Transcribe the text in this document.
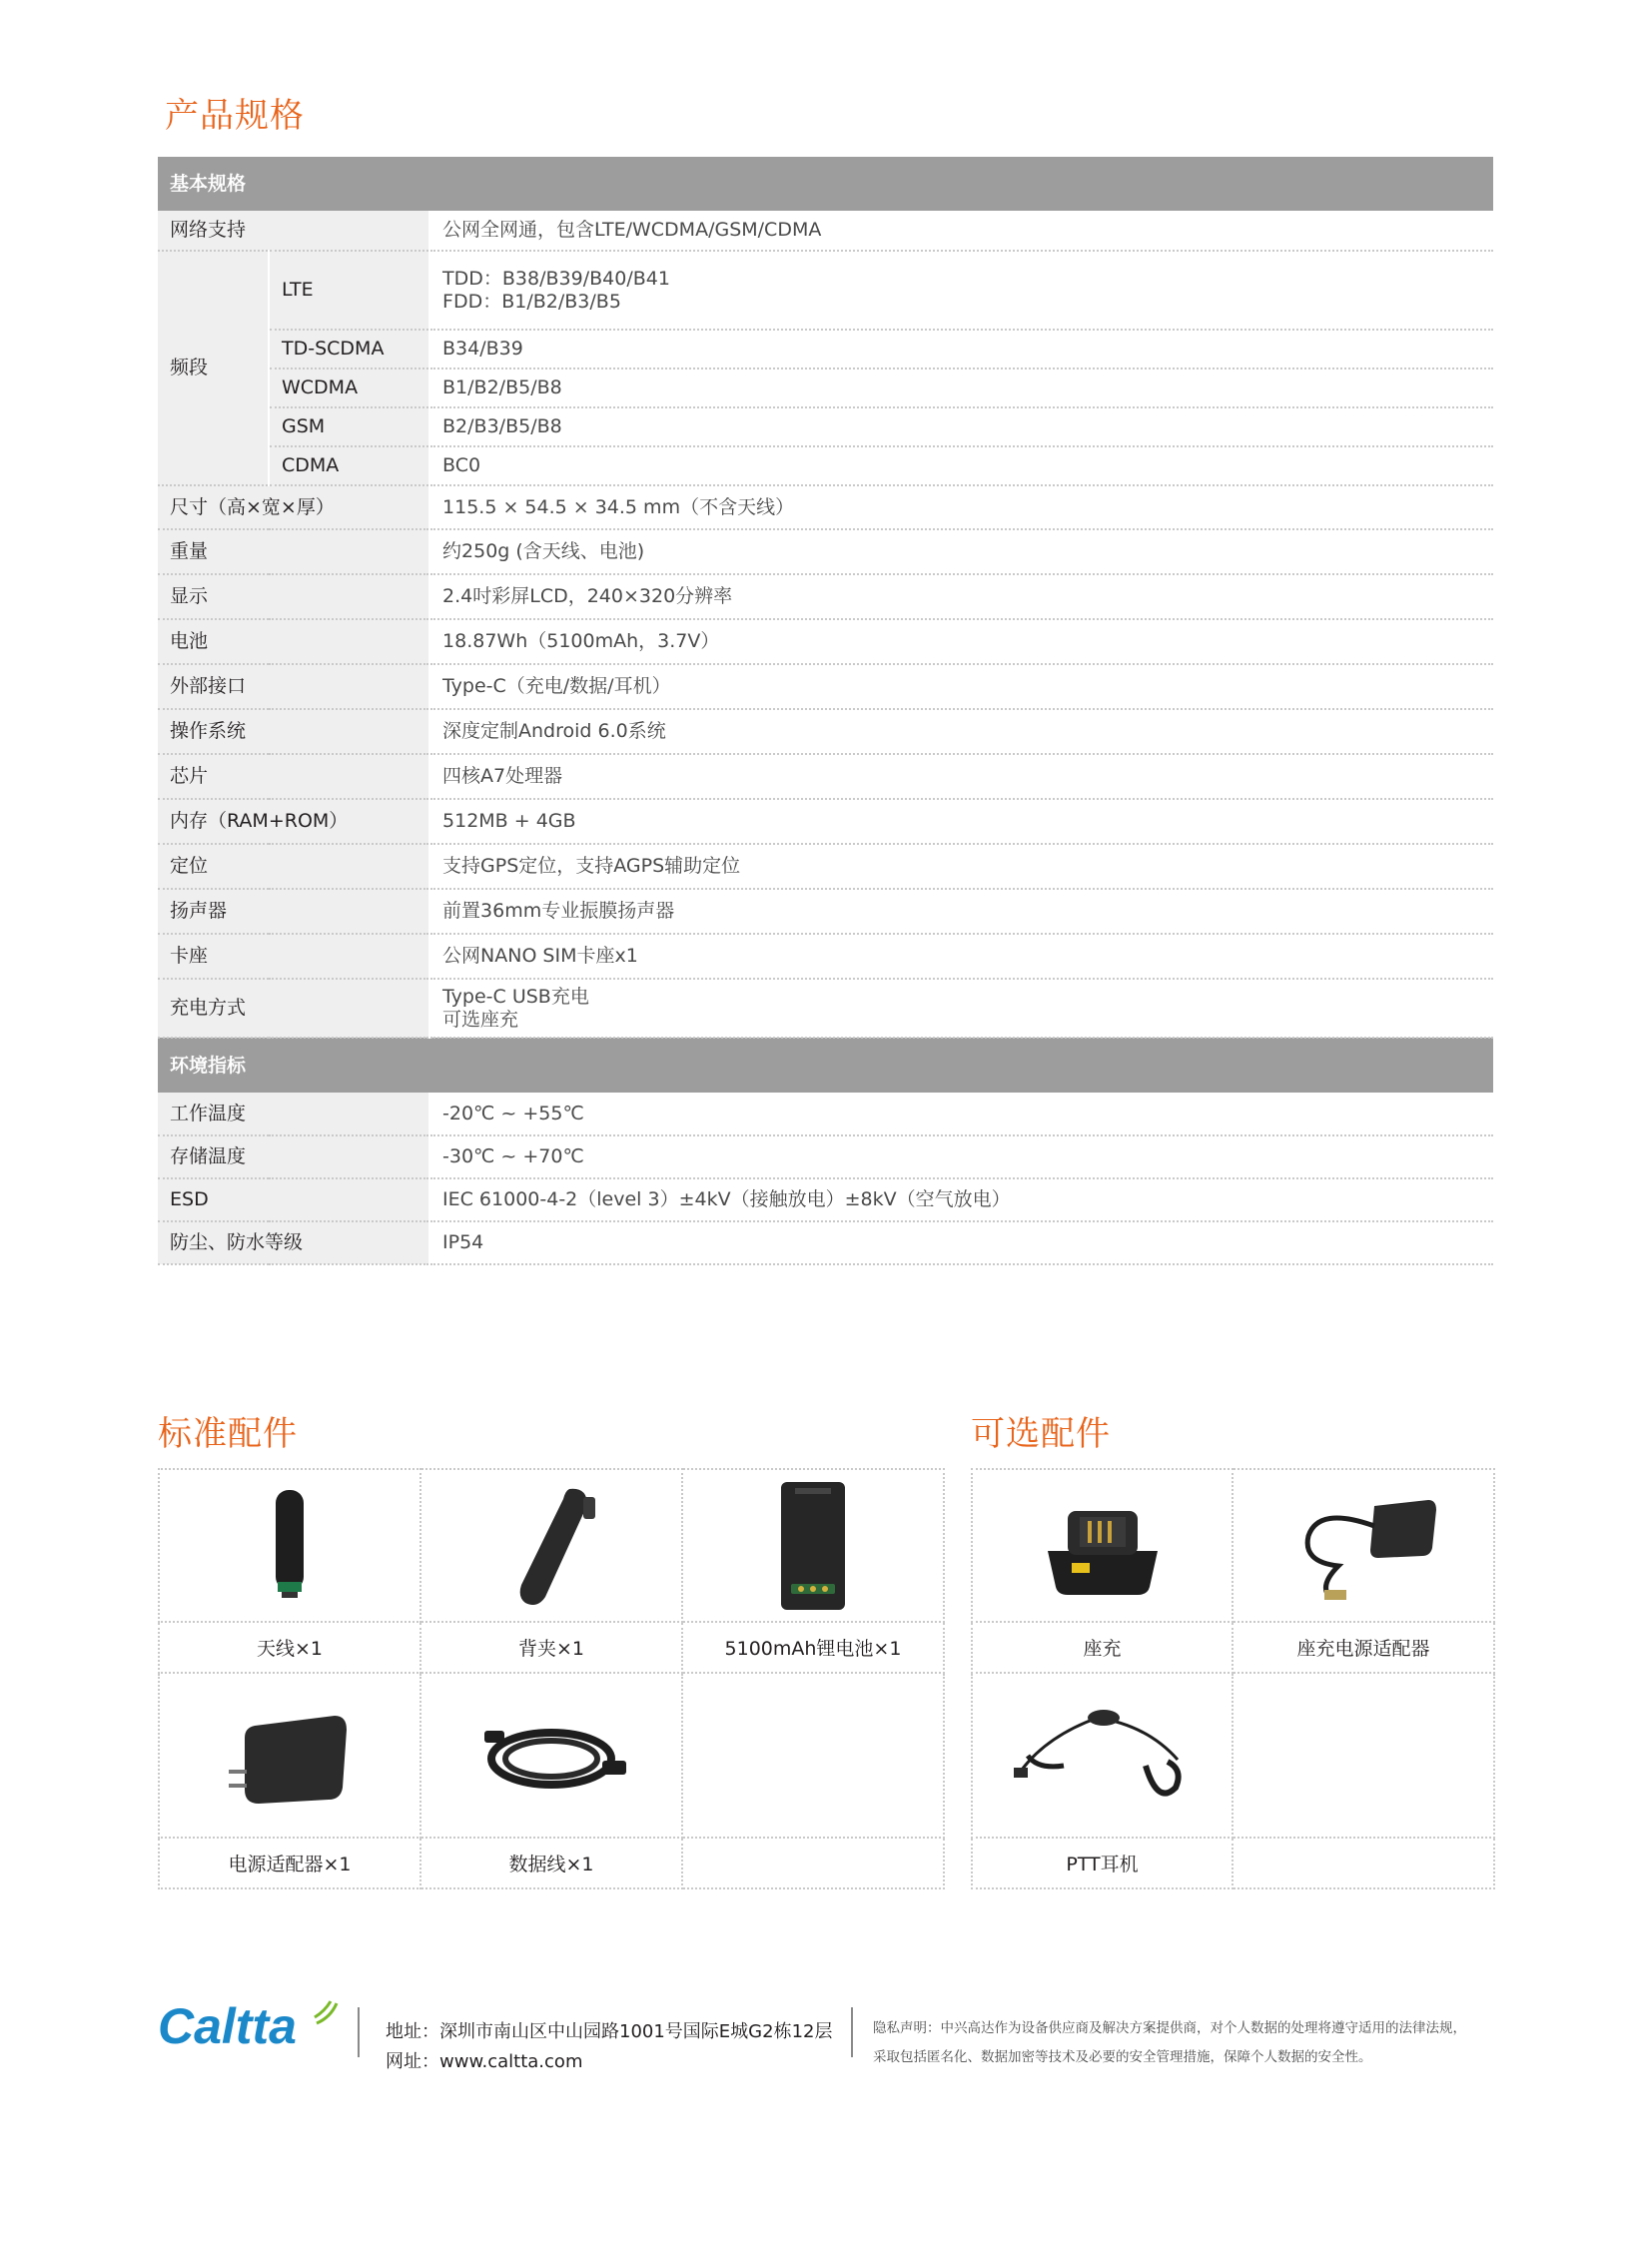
产品规格
基本规格		
网络支持		公网全网通，包含LTE/WCDMA/GSM/CDMA
频段	LTE	TDD：B38/B39/B40/B41
FDD：B1/B2/B3/B5

	TD-SCDMA	B34/B39
	WCDMA	B1/B2/B5/B8
	GSM	B2/B3/B5/B8
	CDMA	BC0
尺寸（高×宽×厚）		115.5 × 54.5 × 34.5 mm（不含天线）
重量		约250g (含天线、电池)
显示		2.4吋彩屏LCD，240×320分辨率
电池		18.87Wh（5100mAh，3.7V）
外部接口		Type-C（充电/数据/耳机）
操作系统		深度定制Android 6.0系统
芯片		四核A7处理器
内存（RAM+ROM）		512MB + 4GB
定位		支持GPS定位，支持AGPS辅助定位
扬声器		前置36mm专业振膜扬声器
卡座		公网NANO SIM卡座x1
充电方式		Type-C USB充电
可选座充

环境指标		
工作温度		-20℃ ~ +55℃
存储温度		-30℃ ~ +70℃
ESD		IEC 61000-4-2（level 3）±4kV（接触放电）±8kV（空气放电）
防尘、防水等级		IP54
标准配件	可选配件

天线×1	背夹×1	5100mAh锂电池×1

电源适配器×1	数据线×1	

座充	座充电源适配器

PTT耳机	
Caltta	地址：深圳市南山区中山园路1001号国际E城G2栋12层
网址：www.caltta.com
隐私声明：中兴高达作为设备供应商及解决方案提供商，对个人数据的处理将遵守适用的法律法规，
采取包括匿名化、数据加密等技术及必要的安全管理措施，保障个人数据的安全性。
